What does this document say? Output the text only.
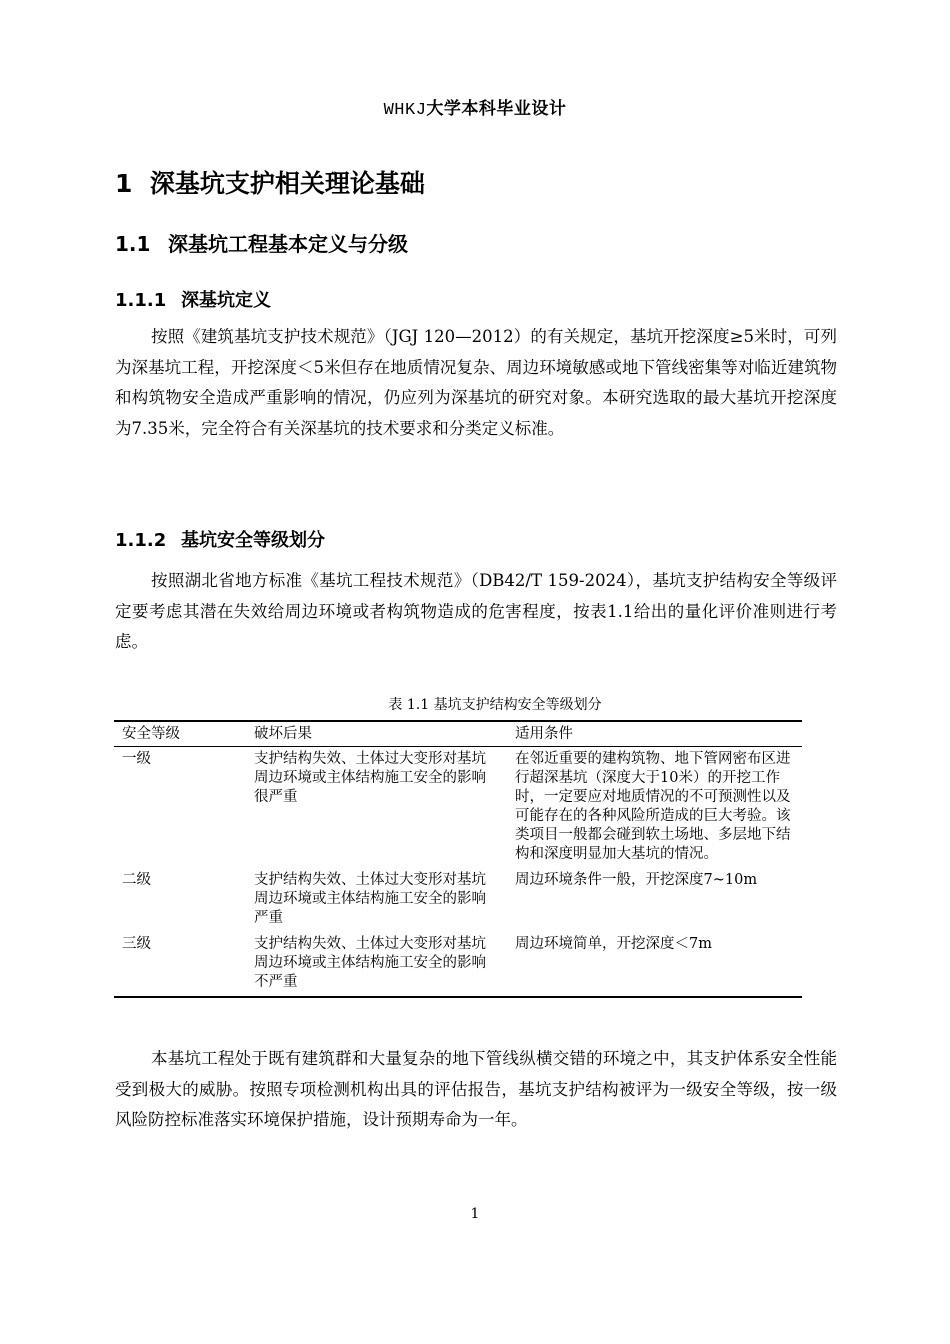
WHKJ大学本科毕业设计
1 深基坑支护相关理论基础
1.1 深基坑工程基本定义与分级
1.1.1 深基坑定义

按照《建筑基坑支护技术规范》（JGJ 120—2012）的有关规定，基坑开挖深度≥5米时，可列为深基坑工程，开挖深度＜5米但存在地质情况复杂、周边环境敏感或地下管线密集等对临近建筑物和构筑物安全造成严重影响的情况，仍应列为深基坑的研究对象。本研究选取的最大基坑开挖深度为7.35米，完全符合有关深基坑的技术要求和分类定义标准。

1.1.2 基坑安全等级划分

按照湖北省地方标准《基坑工程技术规范》（DB42/T 159-2024），基坑支护结构安全等级评定要考虑其潜在失效给周边环境或者构筑物造成的危害程度，按表1.1给出的量化评价准则进行考虑。

表 1.1 基坑支护结构安全等级划分
安全等级	破坏后果	适用条件
一级	支护结构失效、土体过大变形对基坑周边环境或主体结构施工安全的影响很严重	在邻近重要的建构筑物、地下管网密布区进行超深基坑（深度大于10米）的开挖工作时，一定要应对地质情况的不可预测性以及可能存在的各种风险所造成的巨大考验。该类项目一般都会碰到软土场地、多层地下结构和深度明显加大基坑的情况。
二级	支护结构失效、土体过大变形对基坑周边环境或主体结构施工安全的影响严重	周边环境条件一般，开挖深度7~10m
三级	支护结构失效、土体过大变形对基坑周边环境或主体结构施工安全的影响不严重	周边环境简单，开挖深度＜7m

本基坑工程处于既有建筑群和大量复杂的地下管线纵横交错的环境之中，其支护体系安全性能受到极大的威胁。按照专项检测机构出具的评估报告，基坑支护结构被评为一级安全等级，按一级风险防控标准落实环境保护措施，设计预期寿命为一年。

1
